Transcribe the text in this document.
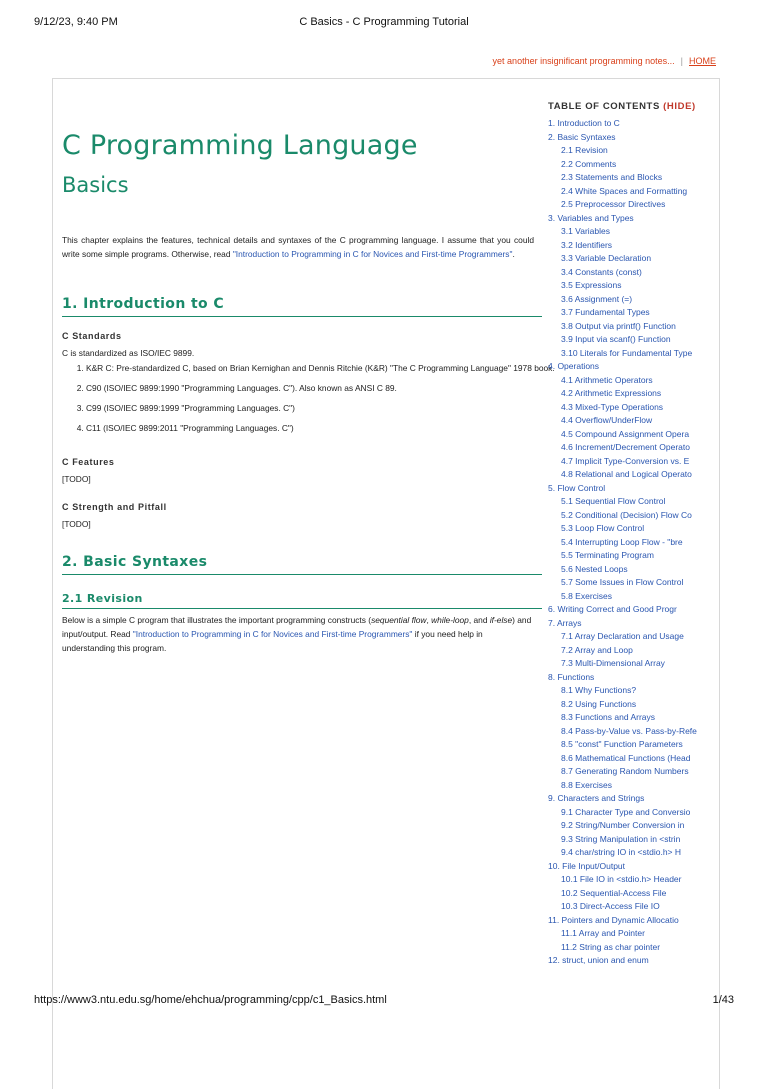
9/12/23, 9:40 PM	C Basics - C Programming Tutorial
yet another insignificant programming notes... | HOME
C Programming Language
Basics
This chapter explains the features, technical details and syntaxes of the C programming language. I assume that you could write some simple programs. Otherwise, read "Introduction to Programming in C for Novices and First-time Programmers".
1. Introduction to C
C Standards
C is standardized as ISO/IEC 9899.
1. K&R C: Pre-standardized C, based on Brian Kernighan and Dennis Ritchie (K&R) "The C Programming Language" 1978 book.
2. C90 (ISO/IEC 9899:1990 "Programming Languages. C"). Also known as ANSI C 89.
3. C99 (ISO/IEC 9899:1999 "Programming Languages. C")
4. C11 (ISO/IEC 9899:2011 "Programming Languages. C")
C Features
[TODO]
C Strength and Pitfall
[TODO]
2. Basic Syntaxes
2.1 Revision
Below is a simple C program that illustrates the important programming constructs (sequential flow, while-loop, and if-else) and input/output. Read "Introduction to Programming in C for Novices and First-time Programmers" if you need help in understanding this program.
TABLE OF CONTENTS (HIDE)
1. Introduction to C
2. Basic Syntaxes
2.1 Revision
2.2 Comments
2.3 Statements and Blocks
2.4 White Spaces and Formatting
2.5 Preprocessor Directives
3. Variables and Types
3.1 Variables
3.2 Identifiers
3.3 Variable Declaration
3.4 Constants (const)
3.5 Expressions
3.6 Assignment (=)
3.7 Fundamental Types
3.8 Output via printf() Function
3.9 Input via scanf() Function
3.10 Literals for Fundamental Type
4. Operations
4.1 Arithmetic Operators
4.2 Arithmetic Expressions
4.3 Mixed-Type Operations
4.4 Overflow/UnderFlow
4.5 Compound Assignment Opera
4.6 Increment/Decrement Operato
4.7 Implicit Type-Conversion vs. E
4.8 Relational and Logical Operato
5. Flow Control
5.1 Sequential Flow Control
5.2 Conditional (Decision) Flow Co
5.3 Loop Flow Control
5.4 Interrupting Loop Flow - "bre
5.5 Terminating Program
5.6 Nested Loops
5.7 Some Issues in Flow Control
5.8 Exercises
6. Writing Correct and Good Progr
7. Arrays
7.1 Array Declaration and Usage
7.2 Array and Loop
7.3 Multi-Dimensional Array
8. Functions
8.1 Why Functions?
8.2 Using Functions
8.3 Functions and Arrays
8.4 Pass-by-Value vs. Pass-by-Refe
8.5 "const" Function Parameters
8.6 Mathematical Functions (Head
8.7 Generating Random Numbers
8.8 Exercises
9. Characters and Strings
9.1 Character Type and Conversio
9.2 String/Number Conversion in
9.3 String Manipulation in <strin
9.4 char/string IO in <stdio.h> H
10. File Input/Output
10.1 File IO in <stdio.h> Header
10.2 Sequential-Access File
10.3 Direct-Access File IO
11. Pointers and Dynamic Allocatio
11.1 Array and Pointer
11.2 String as char pointer
12. struct, union and enum
https://www3.ntu.edu.sg/home/ehchua/programming/cpp/c1_Basics.html	1/43
